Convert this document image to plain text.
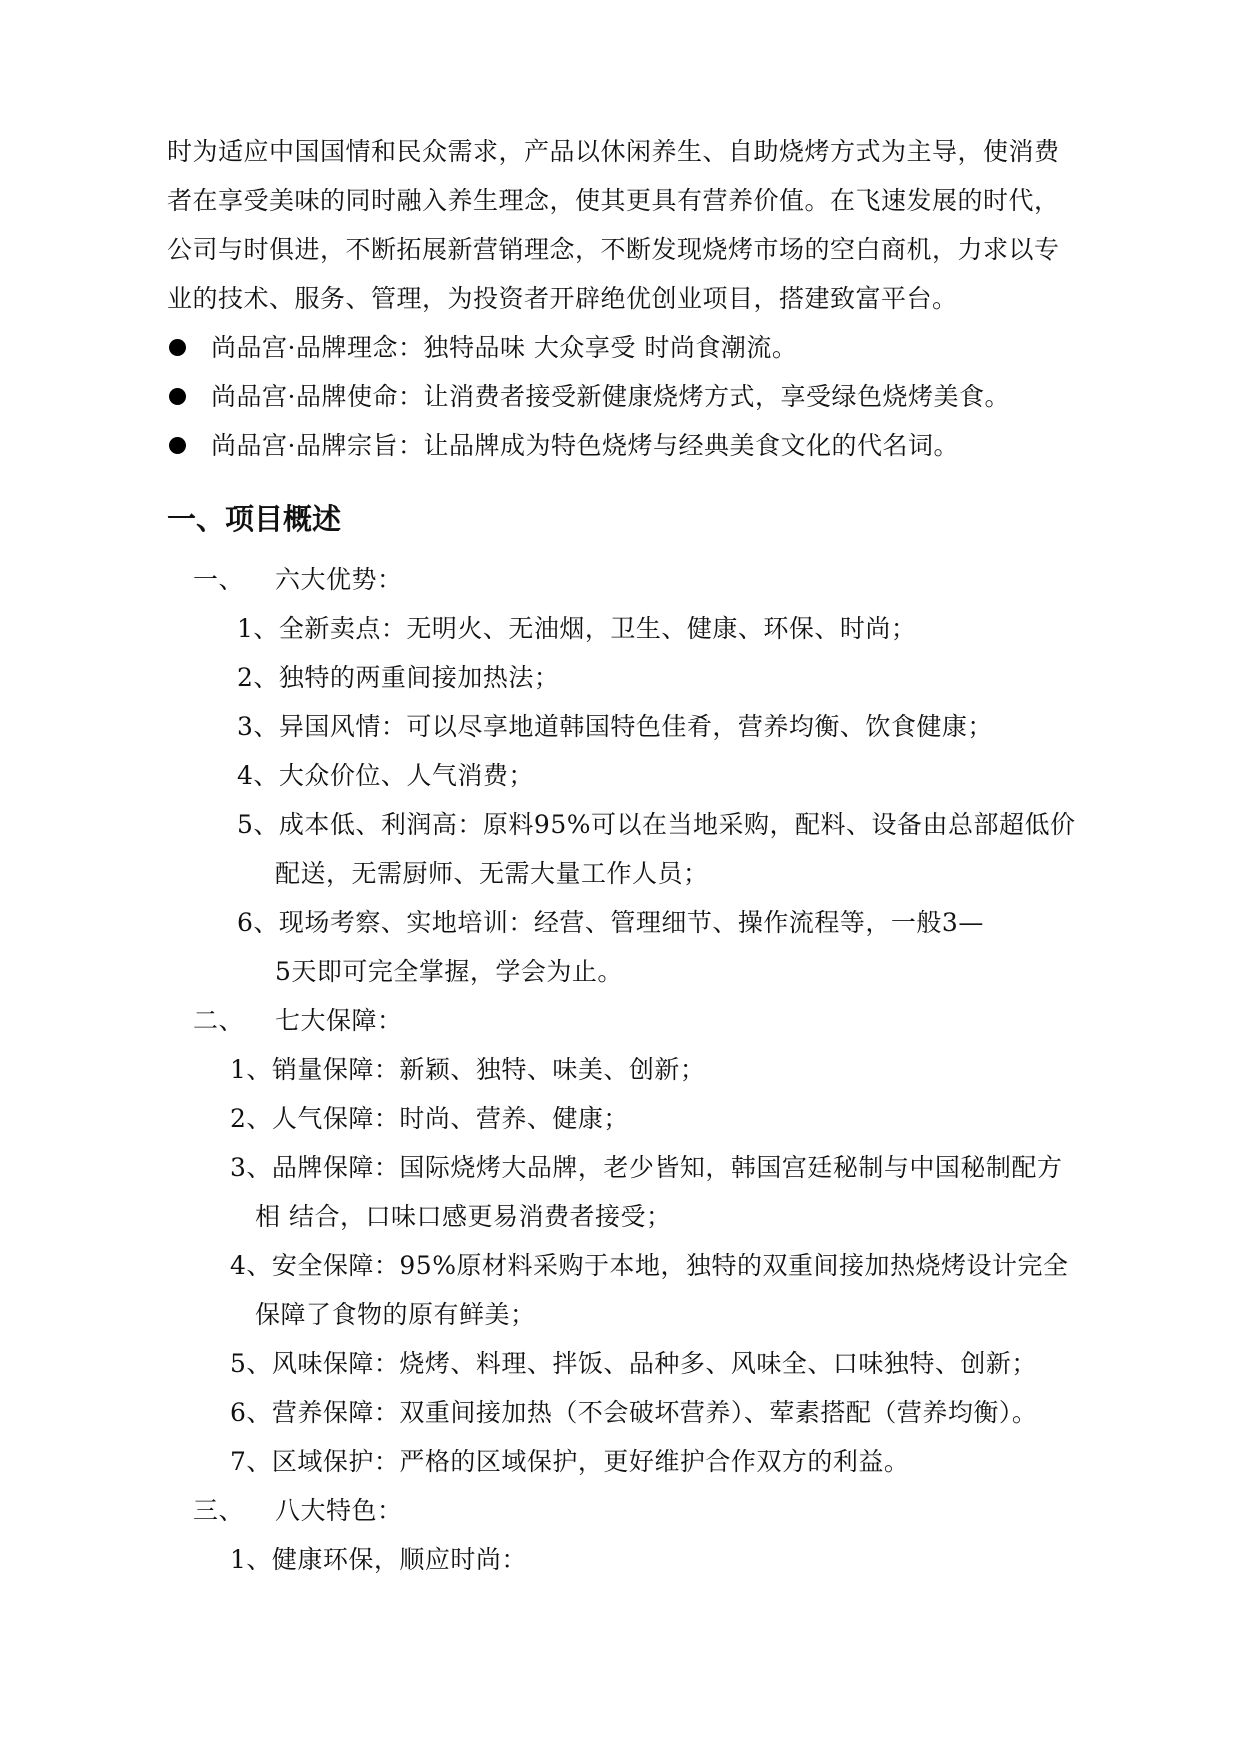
时为适应中国国情和民众需求，产品以休闲养生、自助烧烤方式为主导，使消费
者在享受美味的同时融入养生理念，使其更具有营养价值。在飞速发展的时代，
公司与时俱进，不断拓展新营销理念，不断发现烧烤市场的空白商机，力求以专
业的技术、服务、管理，为投资者开辟绝优创业项目，搭建致富平台。
尚品宫·品牌理念：独特品味 大众享受 时尚食潮流。
尚品宫·品牌使命：让消费者接受新健康烧烤方式，享受绿色烧烤美食。
尚品宫·品牌宗旨：让品牌成为特色烧烤与经典美食文化的代名词。
一、项目概述
一、 六大优势：
1、全新卖点：无明火、无油烟，卫生、健康、环保、时尚；
2、独特的两重间接加热法；
3、异国风情：可以尽享地道韩国特色佳肴，营养均衡、饮食健康；
4、大众价位、人气消费；
5、成本低、利润高：原料95%可以在当地采购，配料、设备由总部超低价
配送，无需厨师、无需大量工作人员；
6、现场考察、实地培训：经营、管理细节、操作流程等，一般3—
5天即可完全掌握，学会为止。
二、 七大保障：
1、销量保障：新颖、独特、味美、创新；
2、人气保障：时尚、营养、健康；
3、品牌保障：国际烧烤大品牌，老少皆知，韩国宫廷秘制与中国秘制配方
相 结合，口味口感更易消费者接受；
4、安全保障：95%原材料采购于本地，独特的双重间接加热烧烤设计完全
保障了食物的原有鲜美；
5、风味保障：烧烤、料理、拌饭、品种多、风味全、口味独特、创新；
6、营养保障：双重间接加热（不会破坏营养）、荤素搭配（营养均衡）。
7、区域保护：严格的区域保护，更好维护合作双方的利益。
三、 八大特色：
1、健康环保，顺应时尚：
